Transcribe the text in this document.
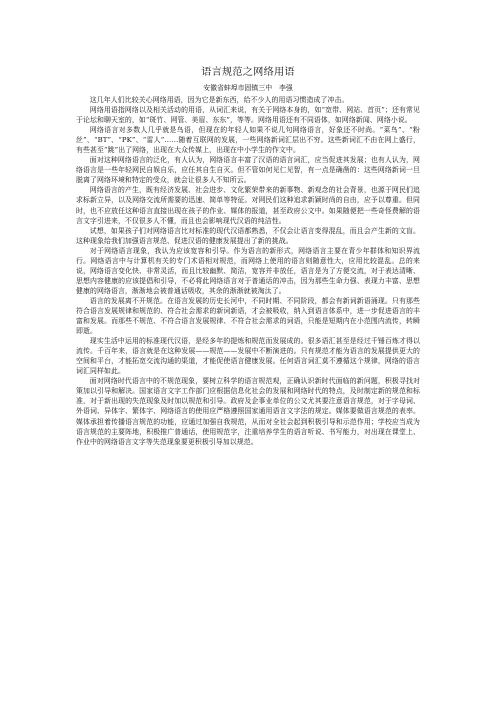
语言规范之网络用语
安徽省蚌埠市固镇三中　李强

这几年人们比较关心网络用语，因为它是新东西，给不少人的用语习惯造成了冲击。

网络用语指网络以及相关活动的用语，从词汇来说，有关于网络本身的，如“宽带、网站、首页”；还有常见于论坛和聊天室的，如“斑竹、网管、美眉、东东”，等等。网络用语还有不同语体，如网络新闻、网络小说。

网络语言对多数人几乎就是鸟语，但现在的年轻人如果不说几句网络语言，好象还不时尚。“菜鸟”、“粉丝”、“BT”、“PK”、“雷人”……随着互联网的发展，一些网络新词汇层出不穷。这些新词汇不由在网上盛行，有些甚至“跳”出了网络，出现在大众传媒上，出现在中小学生的作文中。

面对这种网络语言的泛化，有人认为，网络语言丰富了汉语的语言词汇，应当促进其发展；也有人认为，网络语言是一些年轻网民自娱自乐，应任其自生自灭。但不管如何见仁见智，有一点是确凿的：这些网络新词一旦脱离了网络环境和特定的受众，就会让很多人不知所云。

网络语言的产生，既有经济发展、社会进步、文化繁荣带来的新事物、新观念的社会背景，也源于网民们追求标新立异，以及网络交流所需要的迅速、简单等特征。对网民们这种追求新颖时尚的自由，应予以尊重。但同时，也不应放任这种语言直接出现在孩子的作业、媒体的报道，甚至政府公文中。如果随便把一些奇怪费解的语言文字引进来，不仅很多人不懂，而且也会影响现代汉语的纯洁性。

试想，如果孩子们对网络语言比对标准的现代汉语都熟悉，不仅会让语言变得混乱，而且会产生新的文盲。这种现象给我们加强语言规范、促进汉语的健康发展提出了新的挑战。

对于网络语言现象，我认为应该宽容和引导。作为语言的新形式，网络语言主要在青少年群体和知识界流行。网络语言中与计算机有关的专门术语相对规范，而网络上使用的语言则随意性大，应用比较混乱。总的来说，网络语言变化快、非常灵活，而且比较幽默、简洁，宽容并非放任，语言是为了方便交流，对于表达清晰、思想内容健康的应该提倡和引导，不必将此网络语言对于普通话的冲击，因为那些生命力强、表现力丰富、思想健康的网络语言，渐渐地会被普通话吸收，其余的渐渐就被淘汰了。

语言的发展离不开规范。在语言发展的历史长河中，不同时期、不同阶段，都会有新词新语涌现。只有那些符合语言发展规律和规范的、符合社会需求的新词新语，才会被吸收，纳入到语言体系中，进一步促进语言的丰富和发展。而那些不规范、不符合语言发展规律、不符合社会需求的词语，只能是短期内在小范围内流传，转瞬即逝。

现实生活中运用的标准现代汉语，是经多年的提炼和规范而发展成的。很多语汇甚至是经过千锤百炼才得以流传。千百年来，语言就是在这种发展——规范——发展中不断演进的。只有规范才能为语言的发展提供更大的空间和平台，才能拓宽交流沟通的渠道，才能促使语言健康发展。任何语言词汇莫不遵循这个规律，网络的语言词汇同样如此。

面对网络时代语言中的不规范现象，要树立科学的语言规范观，正确认识新时代面临的新问题，积极寻找对策加以引导和解决。国家语言文字工作部门应根据信息化社会的发展和网络时代的特点，及时制定新的规范和标准，对于新出现的失范现象及时加以规范和引导。政府及企事业单位的公文尤其要注意语言规范，对于字母词、外语词、异体字、繁体字、网络语言的使用应严格遵照国家通用语言文字法的规定。媒体要做语言规范的表率。媒体承担着传播语言规范的功能，应通过加强自我规范，从而对全社会起到积极引导和示范作用；学校应当成为语言规范的主要阵地，积极推广普通话，使用规范字，注重培养学生的语言听说、书写能力，对出现在课堂上、作业中的网络语言文字等失范现象要更积极引导加以规范。
